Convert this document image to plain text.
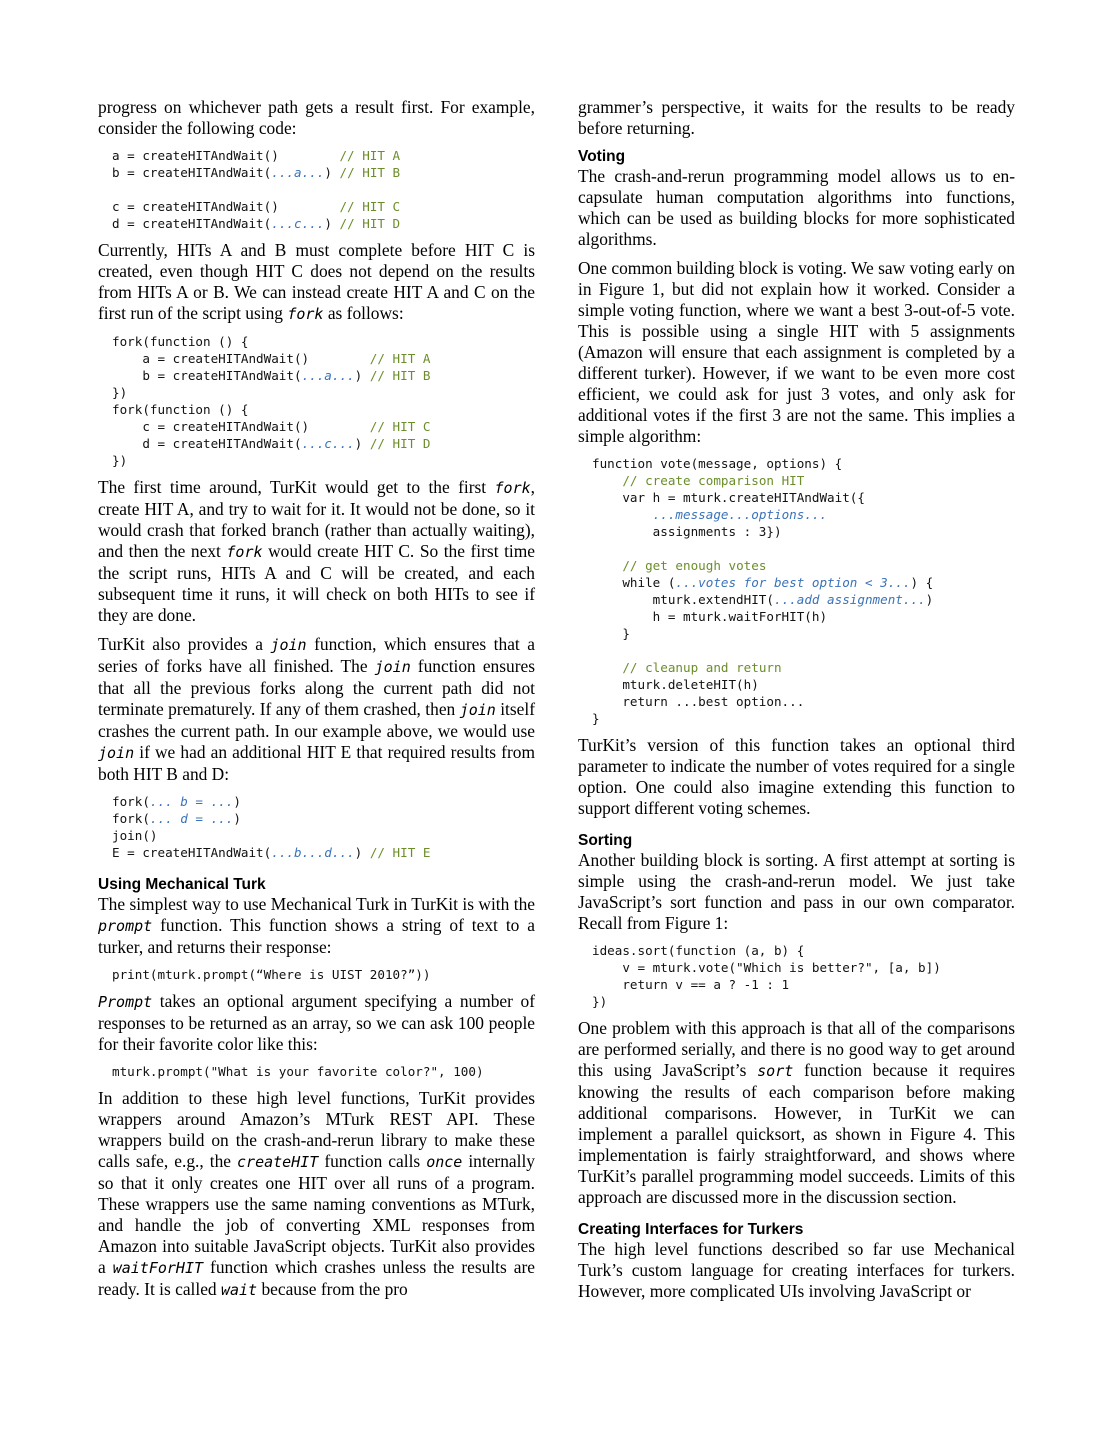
progress on whichever path gets a result first. For example, consider the following code:

a = createHITAndWait()        // HIT A
b = createHITAndWait(...a...) // HIT B

c = createHITAndWait()        // HIT C
d = createHITAndWait(...c...) // HIT D

Currently, HITs A and B must complete before HIT C is created, even though HIT C does not depend on the results from HITs A or B. We can instead create HIT A and C on the first run of the script using fork as follows:

fork(function () {
a = createHITAndWait()        // HIT A
b = createHITAndWait(...a...) // HIT B
})
fork(function () {
c = createHITAndWait()        // HIT C
d = createHITAndWait(...c...) // HIT D
})

The first time around, TurKit would get to the first fork, create HIT A, and try to wait for it. It would not be done, so it would crash that forked branch (rather than actually waiting), and then the next fork would create HIT C. So the first time the script runs, HITs A and C will be created, and each subsequent time it runs, it will check on both HITs to see if they are done.

TurKit also provides a join function, which ensures that a series of forks have all finished. The join function ensures that all the previous forks along the current path did not terminate prematurely. If any of them crashed, then join itself crashes the current path. In our example above, we would use join if we had an additional HIT E that required results from both HIT B and D:

fork(... b = ...)
fork(... d = ...)
join()
E = createHITAndWait(...b...d...) // HIT E
Using Mechanical Turk

The simplest way to use Mechanical Turk in TurKit is with the prompt function. This function shows a string of text to a turker, and returns their response:

print(mturk.prompt(“Where is UIST 2010?”))

Prompt takes an optional argument specifying a number of responses to be returned as an array, so we can ask 100 people for their favorite color like this:

mturk.prompt("What is your favorite color?", 100)

In addition to these high level functions, TurKit provides wrappers around Amazon’s MTurk REST API. These wrappers build on the crash-and-rerun library to make these calls safe, e.g., the createHIT function calls once internally so that it only creates one HIT over all runs of a program. These wrappers use the same naming conventions as MTurk, and handle the job of converting XML responses from Amazon into suitable JavaScript objects. TurKit also provides a waitForHIT function which crashes unless the results are ready. It is called wait because from the pro

grammer’s perspective, it waits for the results to be ready before returning.

Voting

The crash-and-rerun programming model allows us to encapsulate human computation algorithms into functions, which can be used as building blocks for more sophisticated algorithms.

One common building block is voting. We saw voting early on in Figure 1, but did not explain how it worked. Consider a simple voting function, where we want a best 3-out-of-5 vote. This is possible using a single HIT with 5 assignments (Amazon will ensure that each assignment is completed by a different turker). However, if we want to be even more cost efficient, we could ask for just 3 votes, and only ask for additional votes if the first 3 are not the same. This implies a simple algorithm:

function vote(message, options) {
// create comparison HIT
var h = mturk.createHITAndWait({
...message...options...
assignments : 3})

// get enough votes
while (...votes for best option < 3...) {
mturk.extendHIT(...add assignment...)
h = mturk.waitForHIT(h)
}

// cleanup and return
mturk.deleteHIT(h)
return ...best option...
}

TurKit’s version of this function takes an optional third parameter to indicate the number of votes required for a single option. One could also imagine extending this function to support different voting schemes.

Sorting

Another building block is sorting. A first attempt at sorting is simple using the crash-and-rerun model. We just take JavaScript’s sort function and pass in our own comparator. Recall from Figure 1:

ideas.sort(function (a, b) {
v = mturk.vote("Which is better?", [a, b])
return v == a ? -1 : 1
})

One problem with this approach is that all of the comparisons are performed serially, and there is no good way to get around this using JavaScript’s sort function because it requires knowing the results of each comparison before making additional comparisons. However, in TurKit we can implement a parallel quicksort, as shown in Figure 4. This implementation is fairly straightforward, and shows where TurKit’s parallel programming model succeeds. Limits of this approach are discussed more in the discussion section.

Creating Interfaces for Turkers

The high level functions described so far use Mechanical Turk’s custom language for creating interfaces for turkers. However, more complicated UIs involving JavaScript or
